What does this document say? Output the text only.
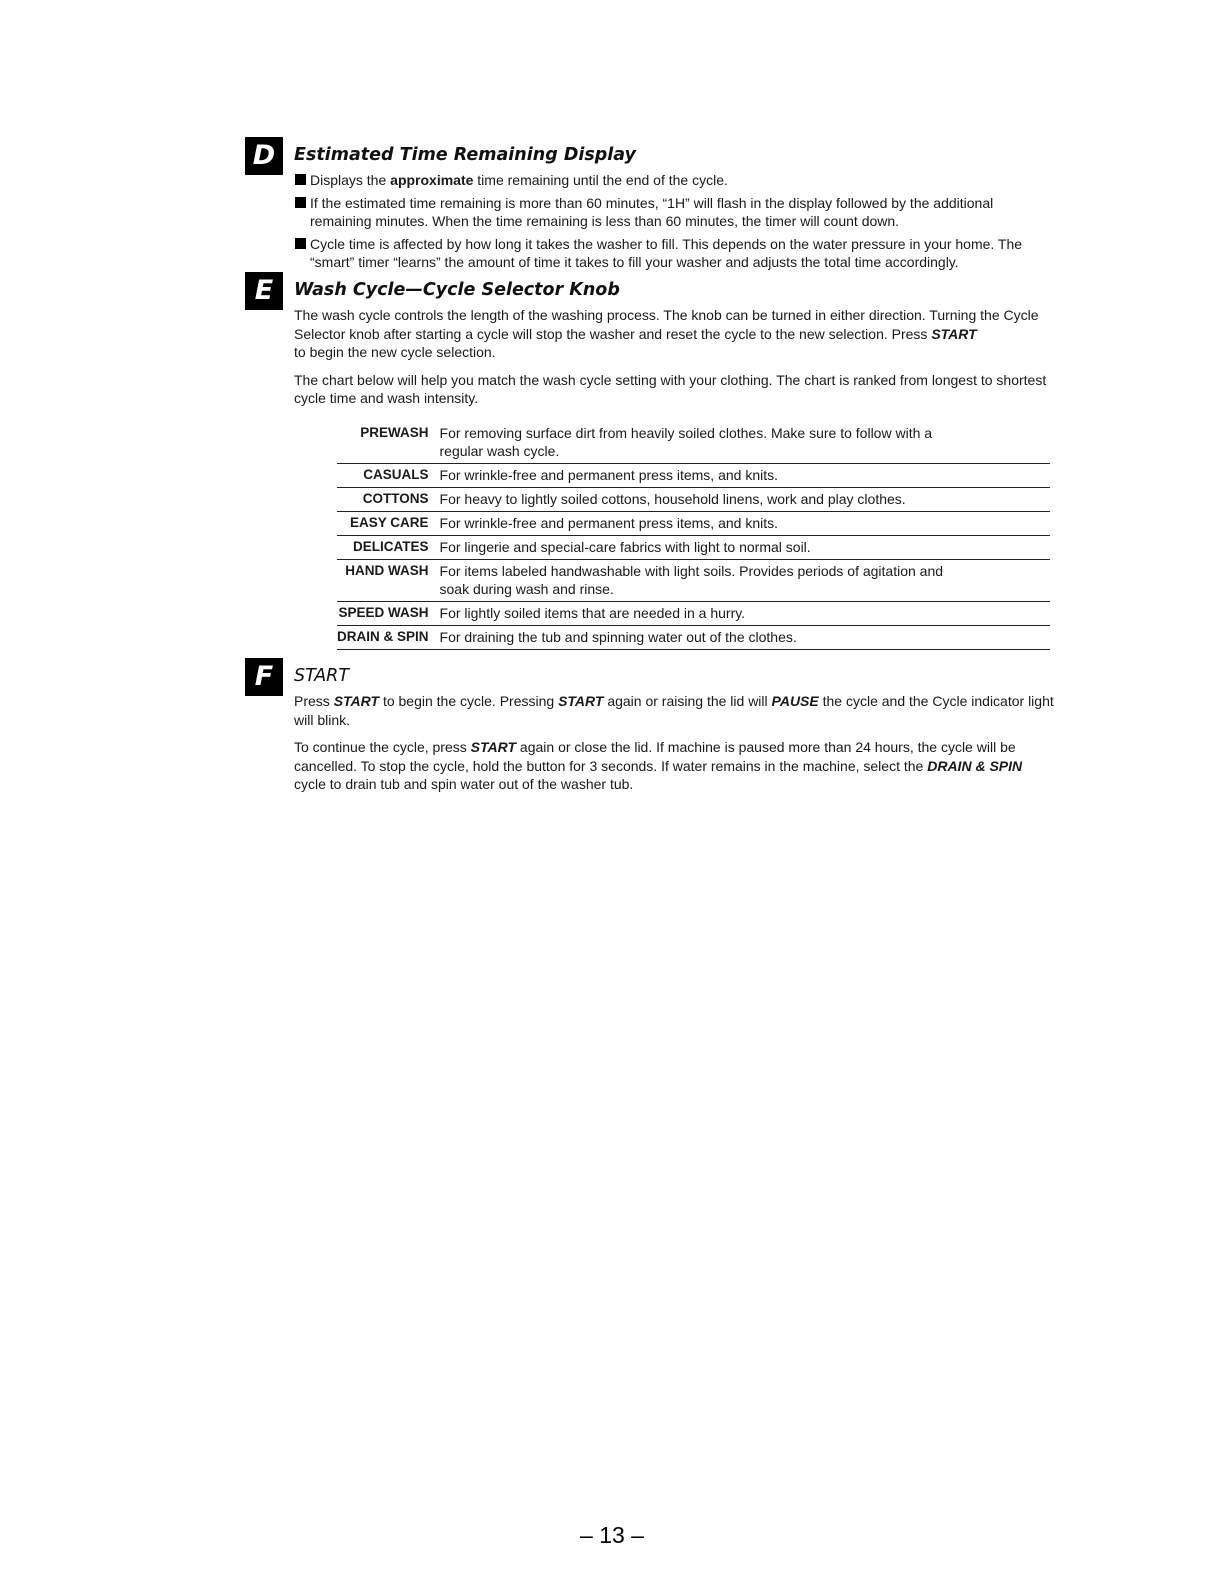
D	Estimated Time Remaining Display
Displays the approximate time remaining until the end of the cycle.
If the estimated time remaining is more than 60 minutes, “1H” will flash in the display followed by the additional remaining minutes. When the time remaining is less than 60 minutes, the timer will count down.
Cycle time is affected by how long it takes the washer to fill. This depends on the water pressure in your home. The “smart” timer “learns” the amount of time it takes to fill your washer and adjusts the total time accordingly.
E	Wash Cycle—Cycle Selector Knob

The wash cycle controls the length of the washing process. The knob can be turned in either direction. Turning the Cycle Selector knob after starting a cycle will stop the washer and reset the cycle to the new selection. Press START
to begin the new cycle selection.

The chart below will help you match the wash cycle setting with your clothing. The chart is ranked from longest to shortest cycle time and wash intensity.

PREWASH	For removing surface dirt from heavily soiled clothes. Make sure to follow with a regular wash cycle.
CASUALS	For wrinkle-free and permanent press items, and knits.
COTTONS	For heavy to lightly soiled cottons, household linens, work and play clothes.
EASY CARE	For wrinkle-free and permanent press items, and knits.
DELICATES	For lingerie and special-care fabrics with light to normal soil.
HAND WASH	For items labeled handwashable with light soils. Provides periods of agitation and soak during wash and rinse.
SPEED WASH	For lightly soiled items that are needed in a hurry.
DRAIN & SPIN	For draining the tub and spinning water out of the clothes.
F	START

Press START to begin the cycle. Pressing START again or raising the lid will PAUSE the cycle and the Cycle indicator light will blink.

To continue the cycle, press START again or close the lid. If machine is paused more than 24 hours, the cycle will be cancelled. To stop the cycle, hold the button for 3 seconds. If water remains in the machine, select the DRAIN & SPIN cycle to drain tub and spin water out of the washer tub.

– 13 –
